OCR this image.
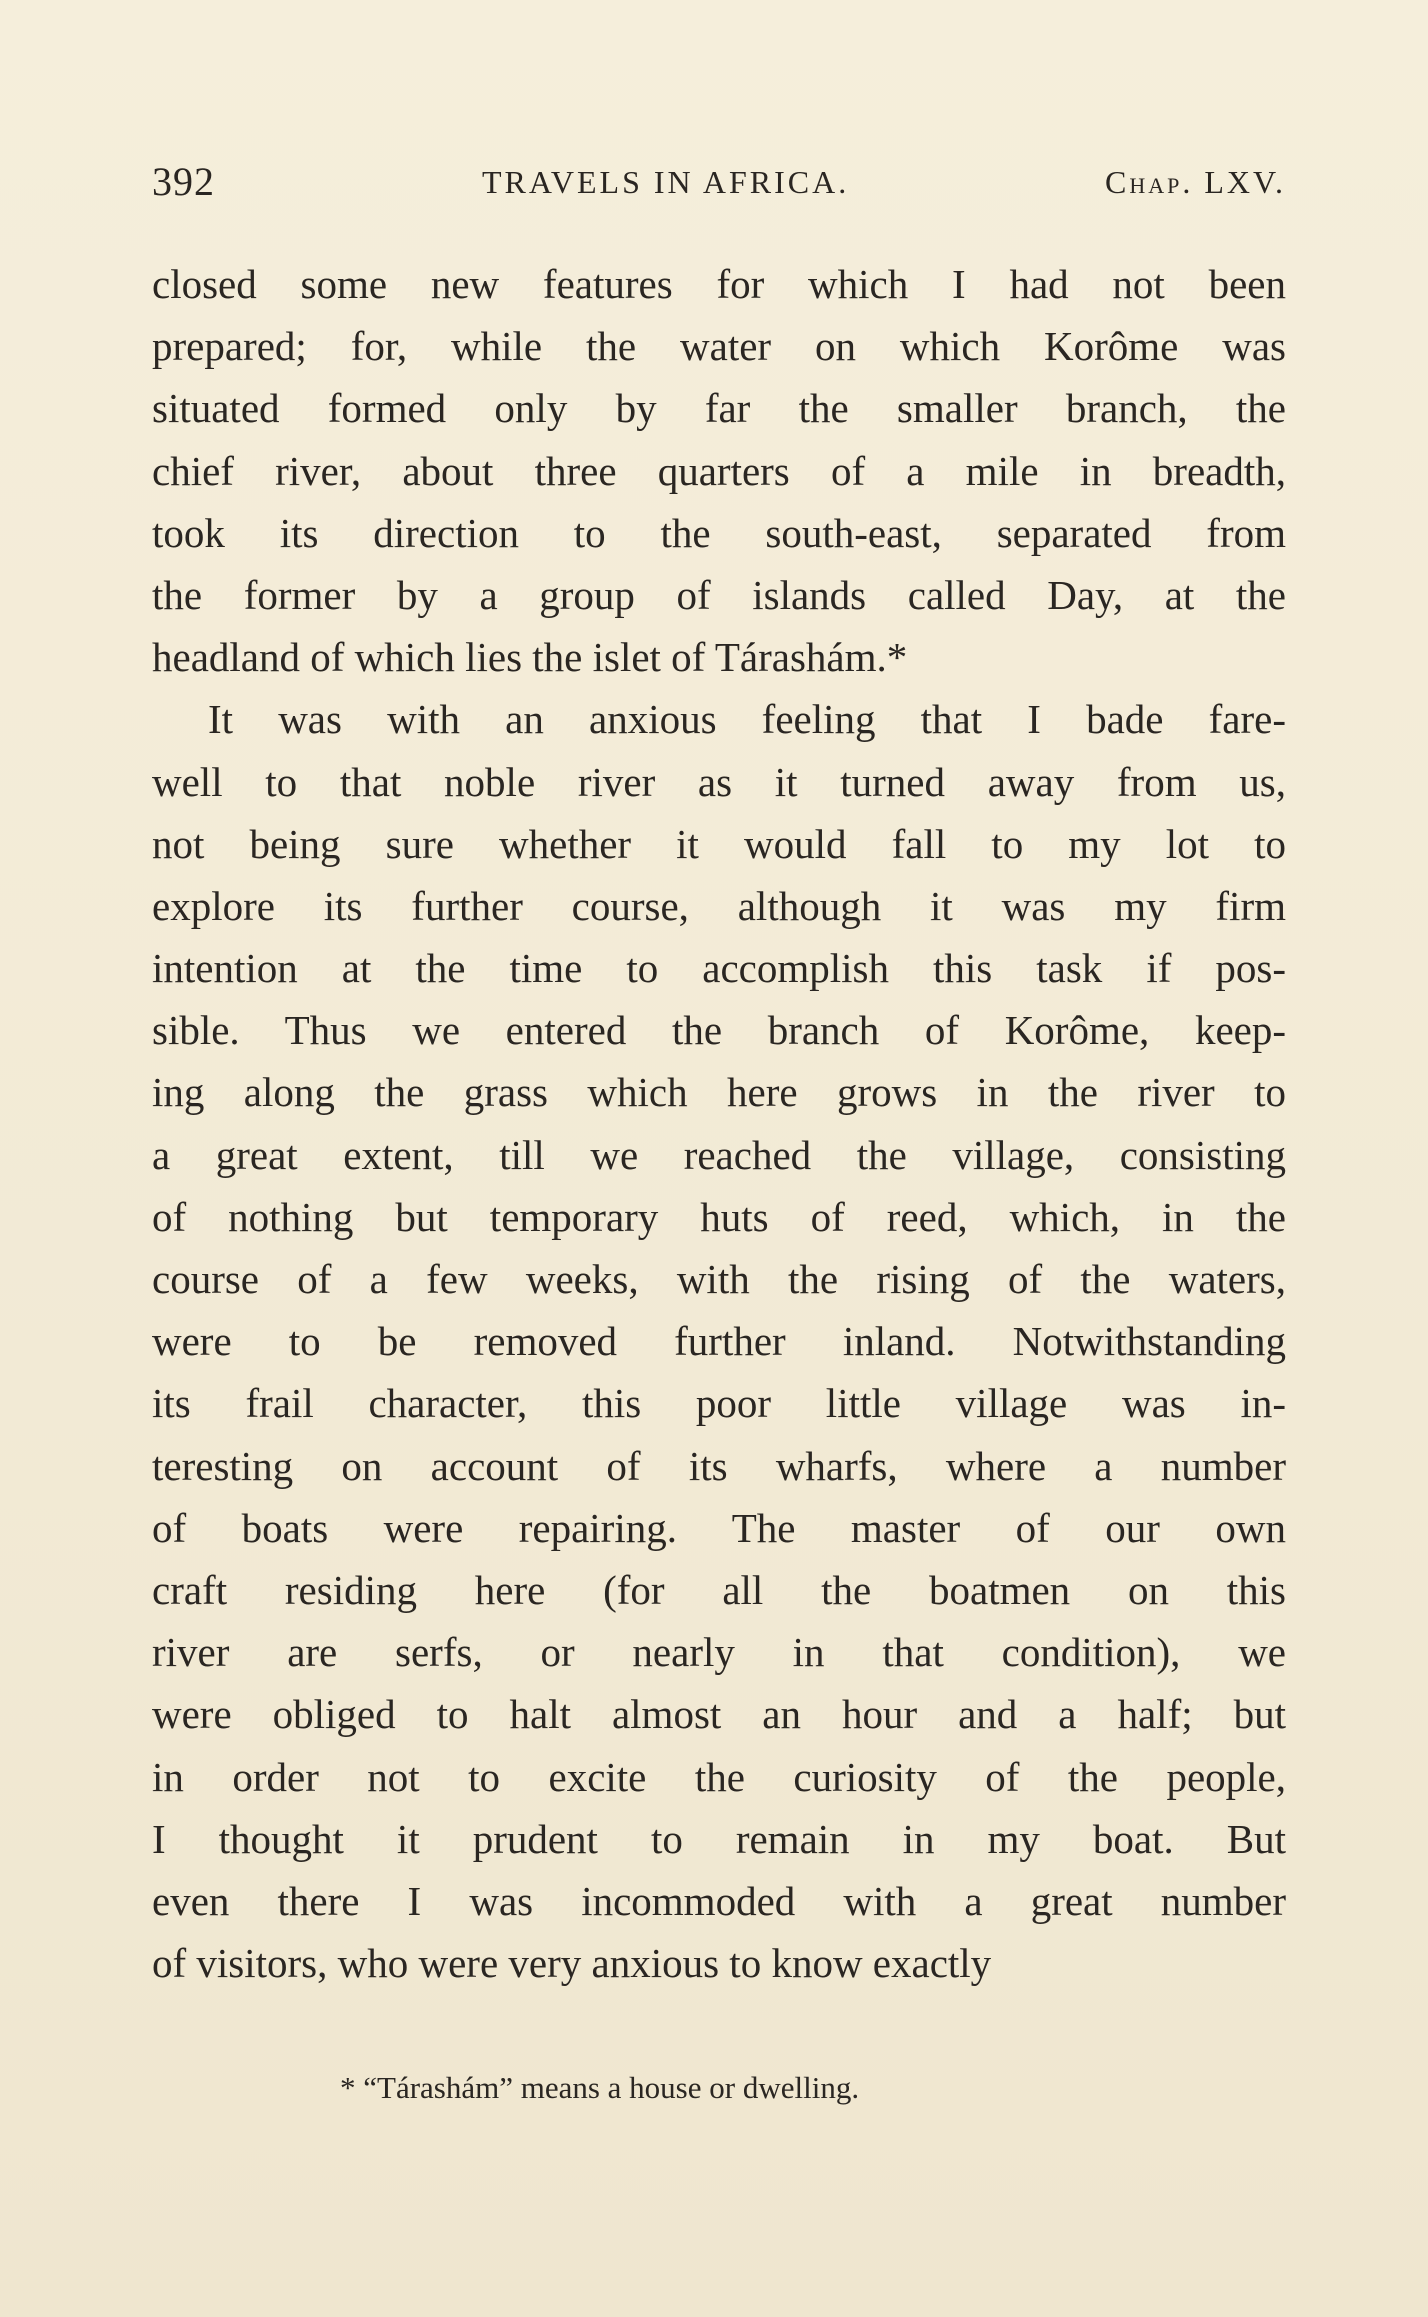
392	TRAVELS IN AFRICA.	Chap. LXV.
closed some new features for which I had not been
prepared; for, while the water on which Korôme was
situated formed only by far the smaller branch, the
chief river, about three quarters of a mile in breadth,
took its direction to the south-east, separated from
the former by a group of islands called Day, at the
headland of which lies the islet of Tárashám.*
It was with an anxious feeling that I bade fare-
well to that noble river as it turned away from us,
not being sure whether it would fall to my lot to
explore its further course, although it was my firm
intention at the time to accomplish this task if pos-
sible. Thus we entered the branch of Korôme, keep-
ing along the grass which here grows in the river to
a great extent, till we reached the village, consisting
of nothing but temporary huts of reed, which, in the
course of a few weeks, with the rising of the waters,
were to be removed further inland. Notwithstanding
its frail character, this poor little village was in-
teresting on account of its wharfs, where a number
of boats were repairing. The master of our own
craft residing here (for all the boatmen on this
river are serfs, or nearly in that condition), we
were obliged to halt almost an hour and a half; but
in order not to excite the curiosity of the people,
I thought it prudent to remain in my boat. But
even there I was incommoded with a great number
of visitors, who were very anxious to know exactly
* “Tárashám” means a house or dwelling.
